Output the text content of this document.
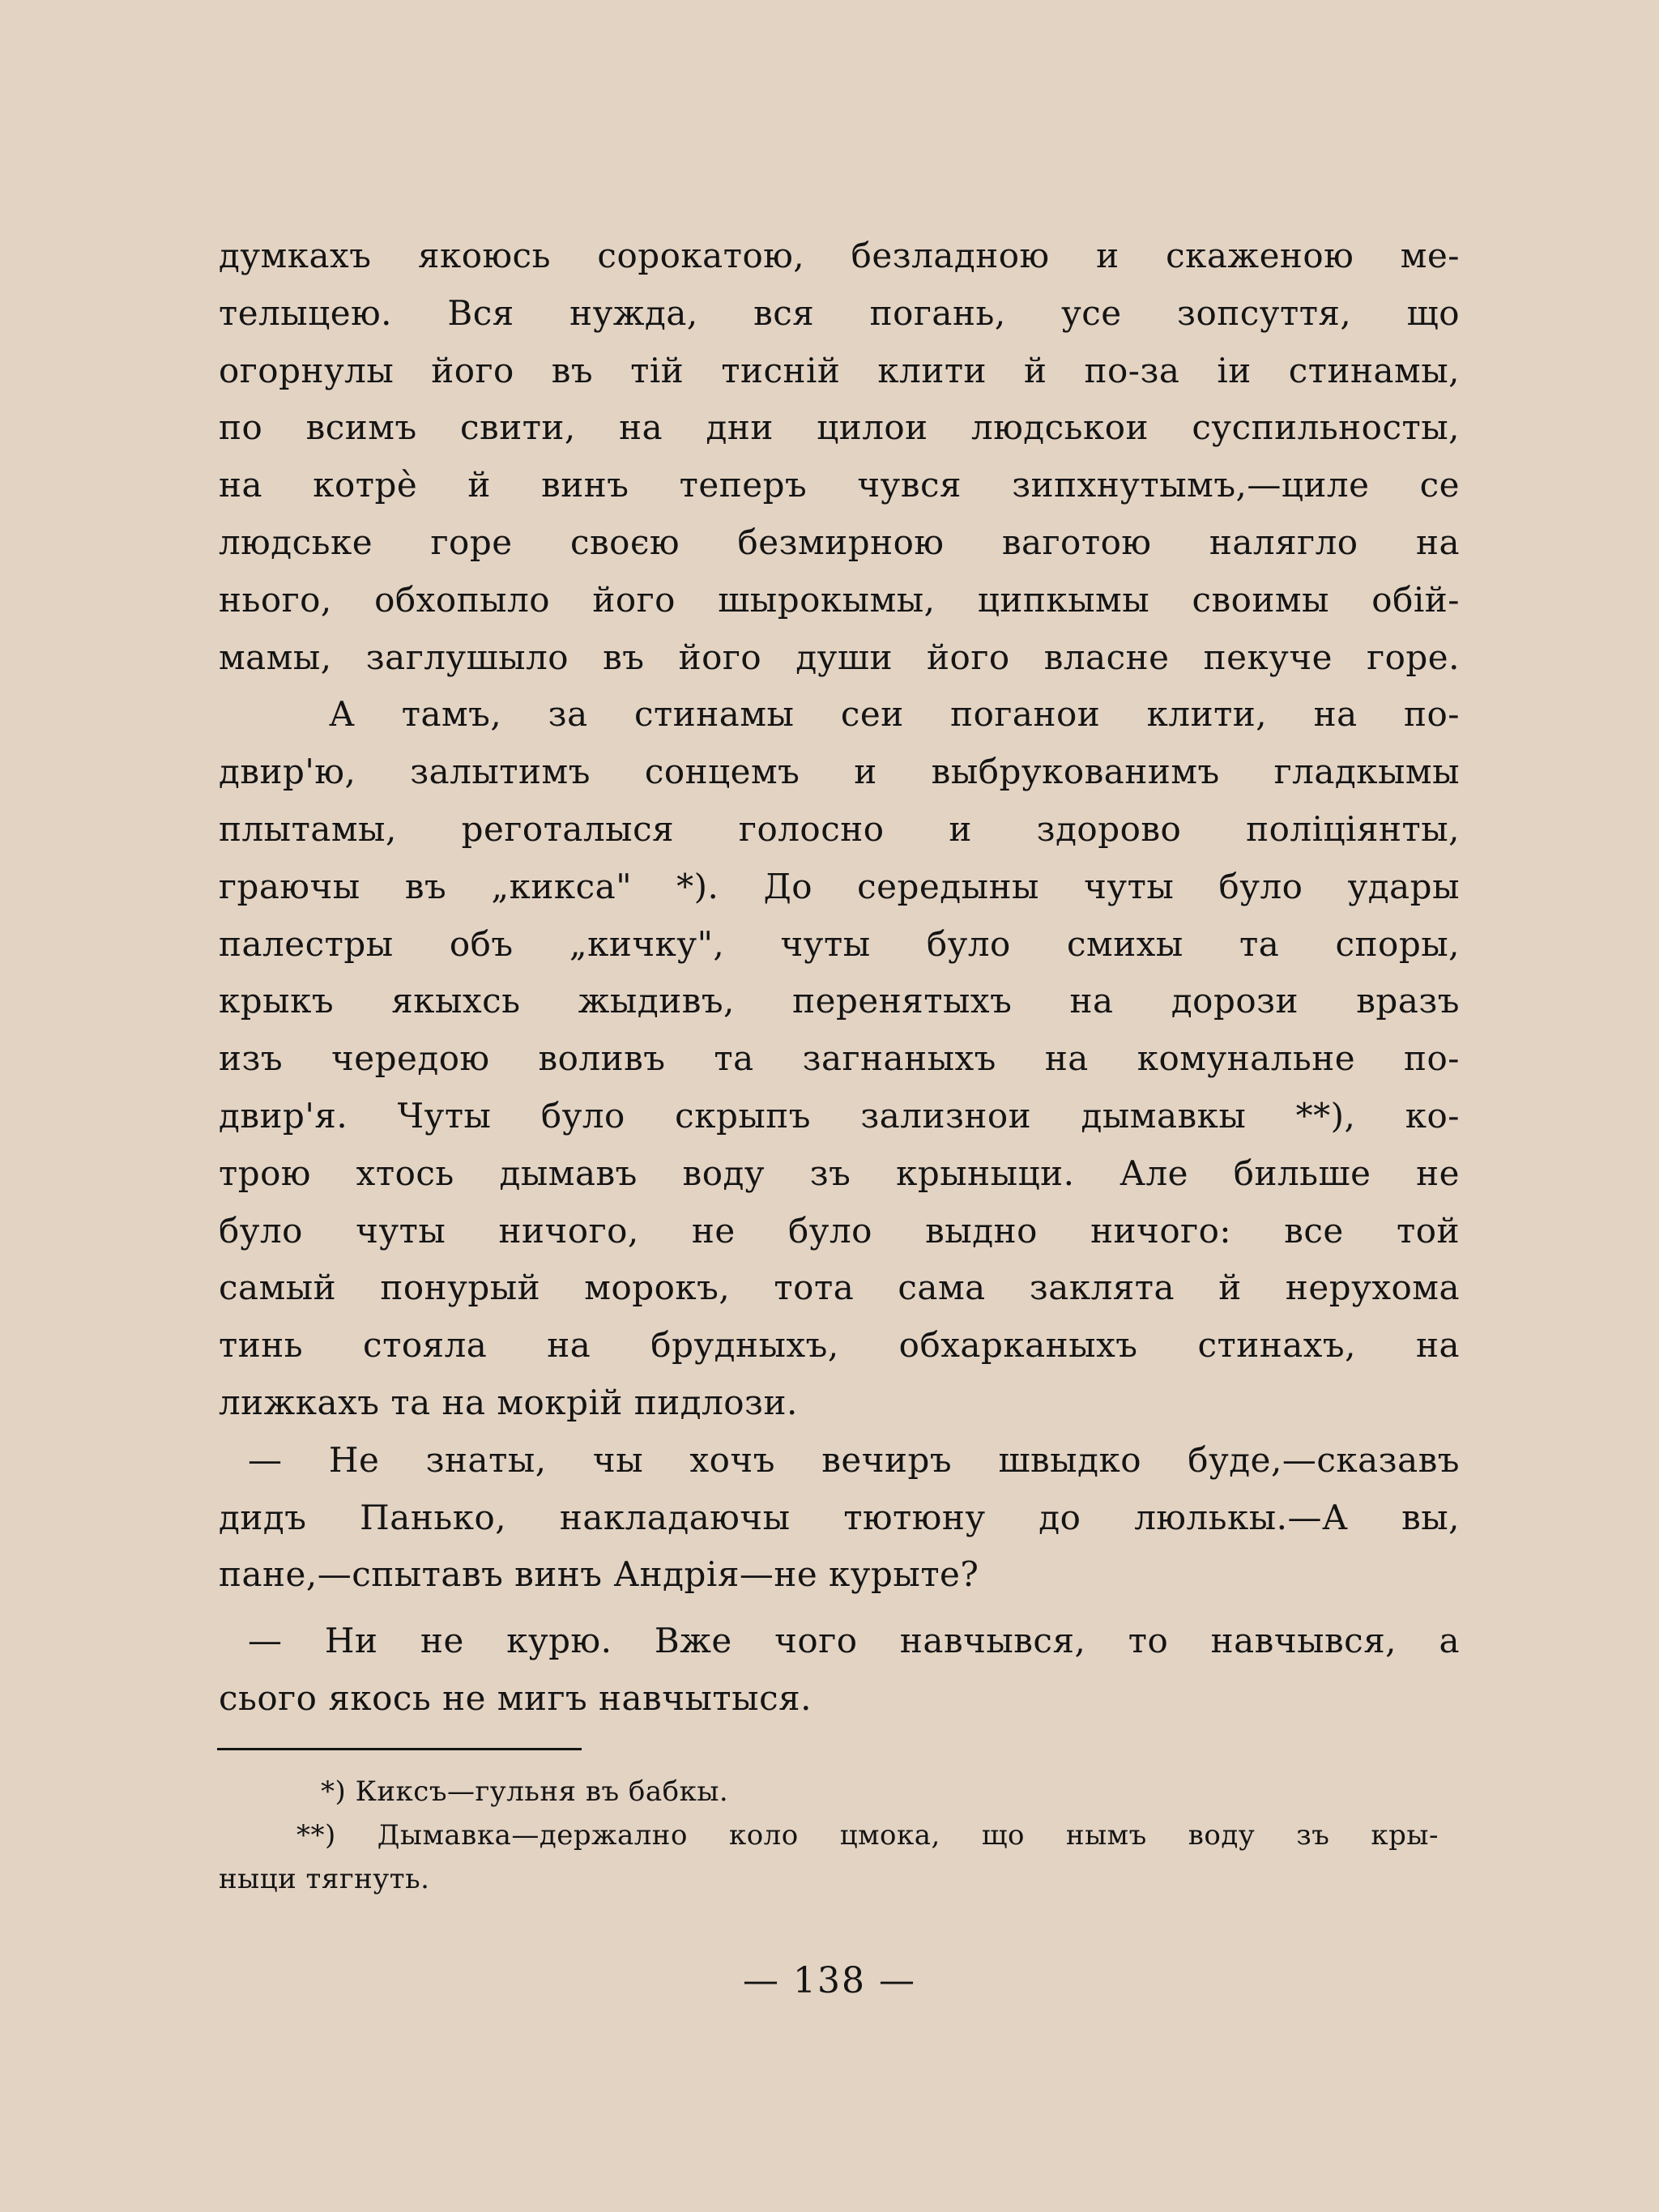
думкахъ якоюсь сорокатою, безладною и скаженою ме-
телыцею. Вся нужда, вся погань, усе зопсуття, що
огорнулы його въ тій тисній клити й по-за іи стинамы,
по всимъ свити, на дни цилои людськои суспильносты,
на котрѐ й винъ теперъ чувся зипхнутымъ,—циле се
людське горе своєю безмирною ваготою налягло на
нього, обхопыло його шырокымы, ципкымы своимы обій-
мамы, заглушыло въ його души його власне пекуче горе.
А тамъ, за стинамы сеи поганои клити, на по-
двир'ю, залытимъ сонцемъ и выбрукованимъ гладкымы
плытамы, реготалыся голосно и здорово поліціянты,
граючы въ „кикса" *). До середыны чуты було удары
палестры объ „кичку", чуты було смихы та споры,
крыкъ якыхсь жыдивъ, перенятыхъ на дорози вразъ
изъ чередою воливъ та загнаныхъ на комунальне по-
двир'я. Чуты було скрыпъ зализнои дымавкы **), ко-
трою хтось дымавъ воду зъ крыныци. Але бильше не
було чуты ничого, не було выдно ничого: все той
самый понурый морокъ, тота сама заклята й нерухома
тинь стояла на брудныхъ, обхарканыхъ стинахъ, на
лижкахъ та на мокрій пидлози.
— Не знаты, чы хочъ вечиръ швыдко буде,—сказавъ
дидъ Панько, накладаючы тютюну до люлькы.—А вы,
пане,—спытавъ винъ Андрія—не курыте?
— Ни не курю. Вже чого навчывся, то навчывся, а
сього якось не мигъ навчытыся.
*) Киксъ—гульня въ бабкы.
**) Дымавка—держално коло цмока, що нымъ воду зъ кры-
ныци тягнуть.
— 138 —
